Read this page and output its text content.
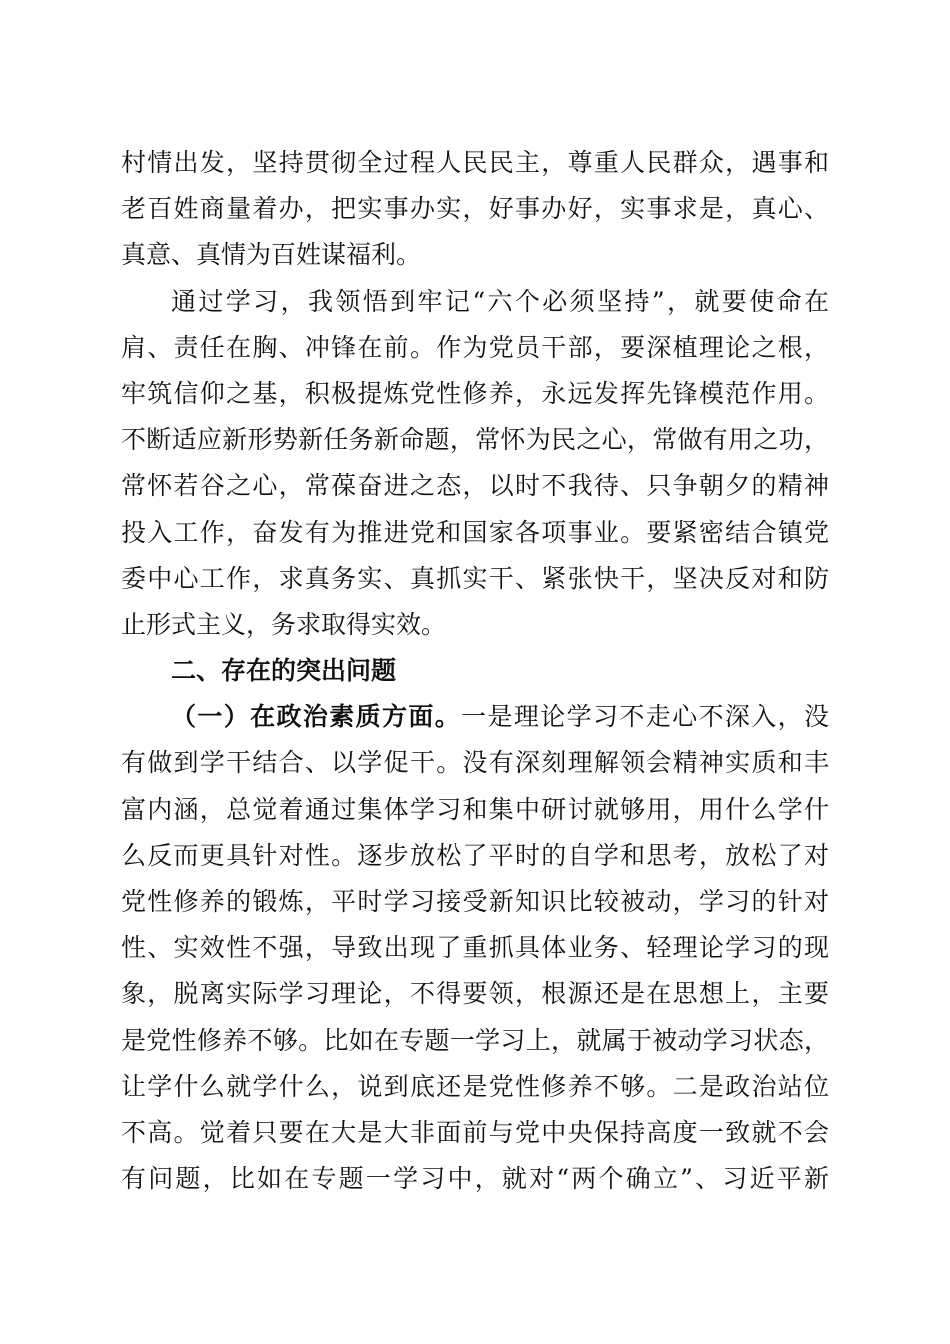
村情出发，坚持贯彻全过程人民民主，尊重人民群众，遇事和
老百姓商量着办，把实事办实，好事办好，实事求是，真心、
真意、真情为百姓谋福利。
通过学习，我领悟到牢记“六个必须坚持”，就要使命在
肩、责任在胸、冲锋在前。作为党员干部，要深植理论之根，
牢筑信仰之基，积极提炼党性修养，永远发挥先锋模范作用。
不断适应新形势新任务新命题，常怀为民之心，常做有用之功，
常怀若谷之心，常葆奋进之态，以时不我待、只争朝夕的精神
投入工作，奋发有为推进党和国家各项事业。要紧密结合镇党
委中心工作，求真务实、真抓实干、紧张快干，坚决反对和防
止形式主义，务求取得实效。
二、存在的突出问题
（一）在政治素质方面。一是理论学习不走心不深入，没
有做到学干结合、以学促干。没有深刻理解领会精神实质和丰
富内涵，总觉着通过集体学习和集中研讨就够用，用什么学什
么反而更具针对性。逐步放松了平时的自学和思考，放松了对
党性修养的锻炼，平时学习接受新知识比较被动，学习的针对
性、实效性不强，导致出现了重抓具体业务、轻理论学习的现
象，脱离实际学习理论，不得要领，根源还是在思想上，主要
是党性修养不够。比如在专题一学习上，就属于被动学习状态，
让学什么就学什么，说到底还是党性修养不够。二是政治站位
不高。觉着只要在大是大非面前与党中央保持高度一致就不会
有问题，比如在专题一学习中，就对“两个确立”、习近平新
